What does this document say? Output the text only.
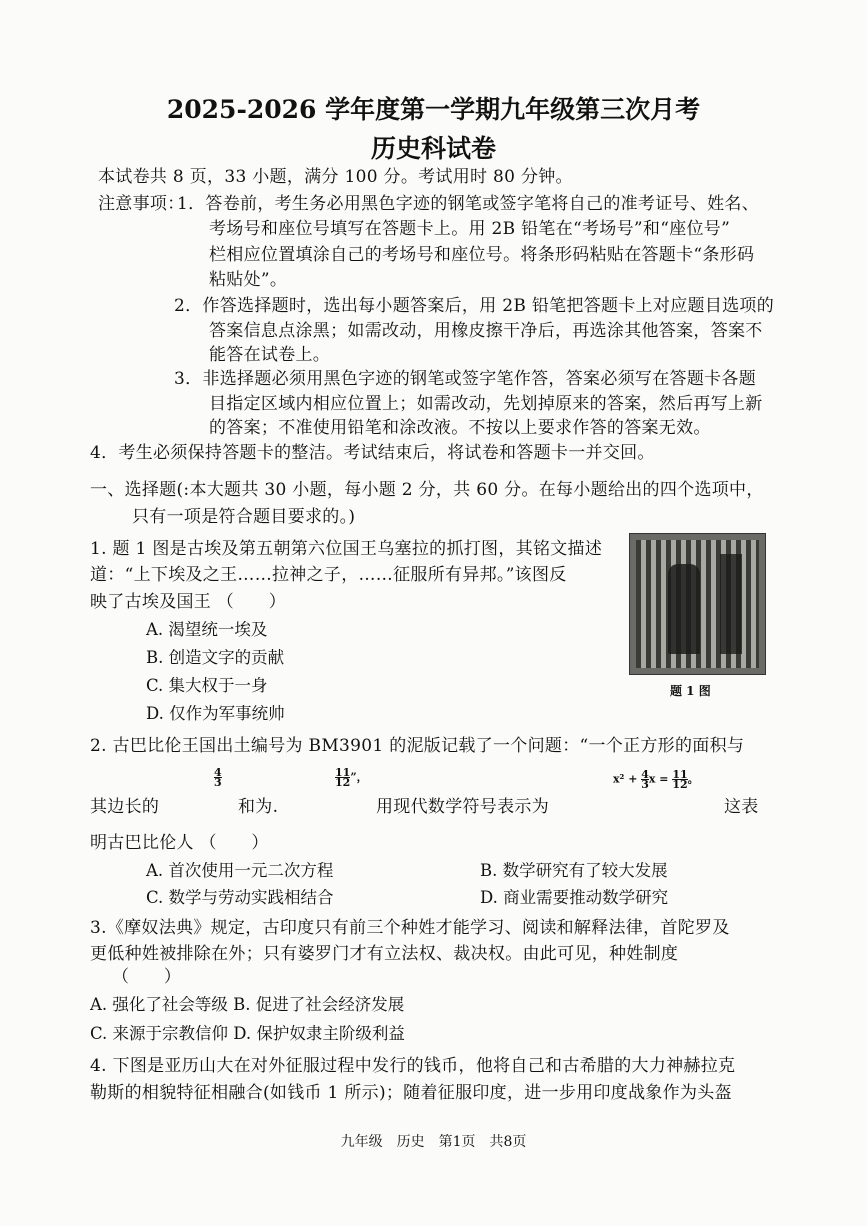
2025-2026 学年度第一学期九年级第三次月考
历史科试卷
本试卷共 8 页，33 小题，满分 100 分。考试用时 80 分钟。
注意事项：
1．答卷前，考生务必用黑色字迹的钢笔或签字笔将自己的准考证号、姓名、
考场号和座位号填写在答题卡上。用 2B 铅笔在“考场号”和“座位号”
栏相应位置填涂自己的考场号和座位号。将条形码粘贴在答题卡“条形码
粘贴处”。
2．作答选择题时，选出每小题答案后，用 2B 铅笔把答题卡上对应题目选项的
答案信息点涂黑；如需改动，用橡皮擦干净后，再选涂其他答案，答案不
能答在试卷上。
3．非选择题必须用黑色字迹的钢笔或签字笔作答，答案必须写在答题卡各题
目指定区域内相应位置上；如需改动，先划掉原来的答案，然后再写上新
的答案；不准使用铅笔和涂改液。不按以上要求作答的答案无效。
4．考生必须保持答题卡的整洁。考试结束后，将试卷和答题卡一并交回。
一、选择题(:本大题共 30 小题，每小题 2 分，共 60 分。在每小题给出的四个选项中，
只有一项是符合题目要求的。)
1. 题 1 图是古埃及第五朝第六位国王乌塞拉的抓打图，其铭文描述
道：“上下埃及之王……拉神之子，……征服所有异邦。”该图反
映了古埃及国王 （　　）
A. 渴望统一埃及
B. 创造文字的贡献
C. 集大权于一身
D. 仅作为军事统帅
题 1 图
2. 古巴比伦王国出土编号为 BM3901 的泥版记载了一个问题：“一个正方形的面积与
其边长的
$\frac{4}{3}$
和为.
$\frac{11}{12}$ ”，
用现代数学符号表示为
$x^2 + \frac{4}{3}$ $x = \frac{11}{12}$ 。
这表
明古巴比伦人 （　　）
A. 首次使用一元二次方程	B. 数学研究有了较大发展
C. 数学与劳动实践相结合	D. 商业需要推动数学研究
3.《摩奴法典》规定，古印度只有前三个种姓才能学习、阅读和解释法律，首陀罗及
更低种姓被排除在外；只有婆罗门才有立法权、裁决权。由此可见，种姓制度
（　　）
A. 强化了社会等级 B. 促进了社会经济发展
C. 来源于宗教信仰 D. 保护奴隶主阶级利益
4. 下图是亚历山大在对外征服过程中发行的钱币，他将自己和古希腊的大力神赫拉克
勒斯的相貌特征相融合(如钱币 1 所示)；随着征服印度，进一步用印度战象作为头盔
九年级　历史　第1页　共8页
